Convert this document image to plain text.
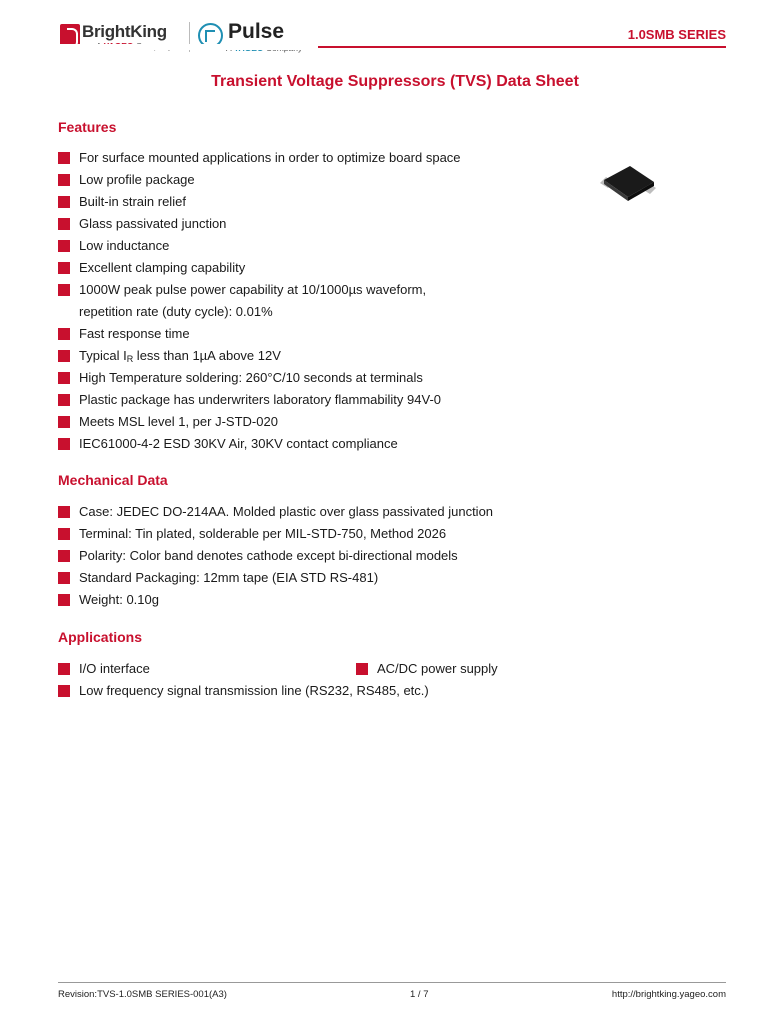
BrightKing	Pulse	1.0SMB SERIES
Transient Voltage Suppressors (TVS) Data Sheet
Features
For surface mounted applications in order to optimize board space
Low profile package
Built-in strain relief
Glass passivated junction
Low inductance
Excellent clamping capability
1000W peak pulse power capability at 10/1000µs waveform,
repetition rate (duty cycle): 0.01%
Fast response time
Typical $I_R$ less than 1µA above 12V
High Temperature soldering: 260°C/10 seconds at terminals
Plastic package has underwriters laboratory flammability 94V-0
Meets MSL level 1, per J-STD-020
IEC61000-4-2 ESD 30KV Air, 30KV contact compliance
Mechanical Data
Case: JEDEC DO-214AA. Molded plastic over glass passivated junction
Terminal: Tin plated, solderable per MIL-STD-750, Method 2026
Polarity: Color band denotes cathode except bi-directional models
Standard Packaging: 12mm tape (EIA STD RS-481)
Weight: 0.10g
Applications
I/O interface	AC/DC power supply
Low frequency signal transmission line (RS232, RS485, etc.)
Revision:TVS-1.0SMB SERIES-001(A3)	1 / 7	http://brightking.yageo.com
